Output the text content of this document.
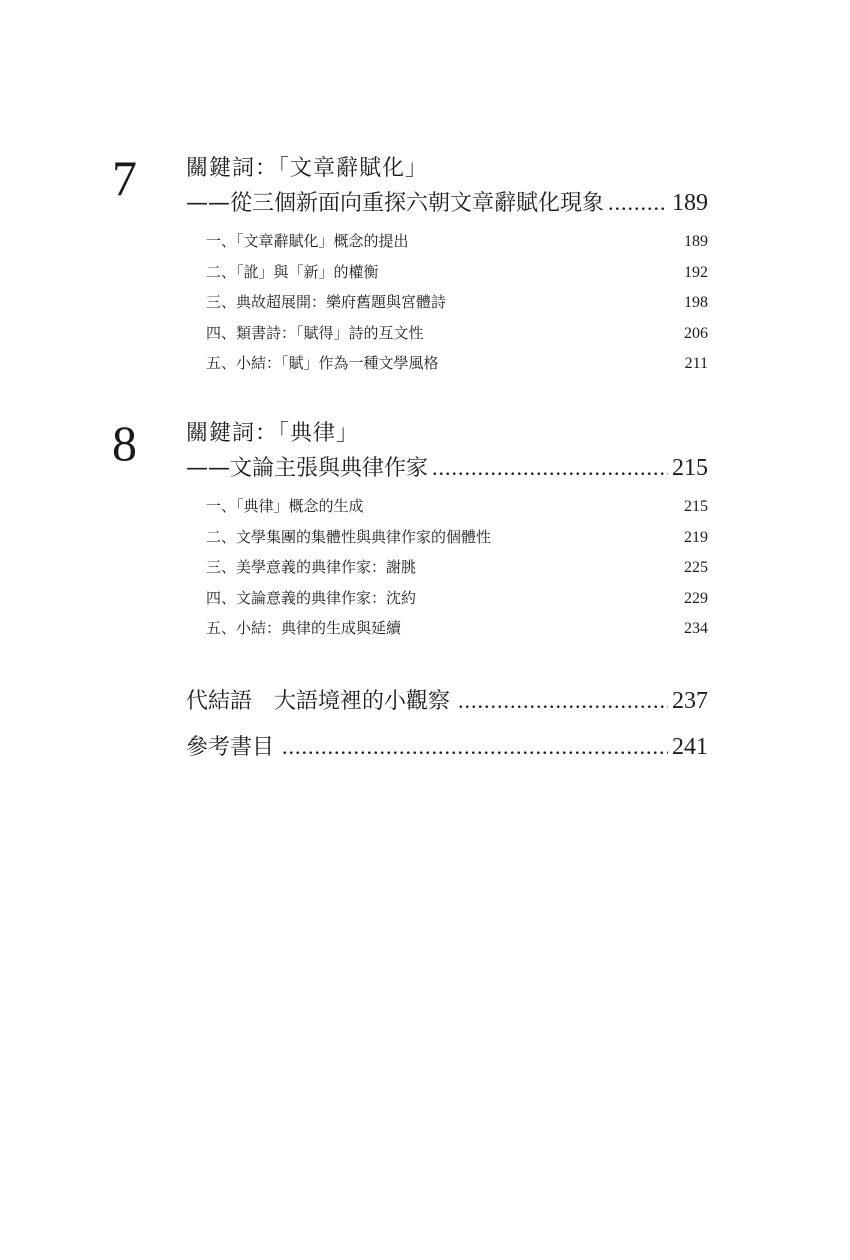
7 關鍵詞：「文章辭賦化」
——從三個新面向重探六朝文章辭賦化現象 .....	189
一、「文章辭賦化」概念的提出	189
二、「訛」與「新」的權衡	192
三、典故超展開：樂府舊題與宮體詩	198
四、類書詩：「賦得」詩的互文性	206
五、小結：「賦」作為一種文學風格	211
8 關鍵詞：「典律」
——文論主張與典律作家 .....	215
一、「典律」概念的生成	215
二、文學集團的集體性與典律作家的個體性	219
三、美學意義的典律作家：謝朓	225
四、文論意義的典律作家：沈約	229
五、小結：典律的生成與延續	234
代結語 大語境裡的小觀察 .....	237
參考書目 .....	241
